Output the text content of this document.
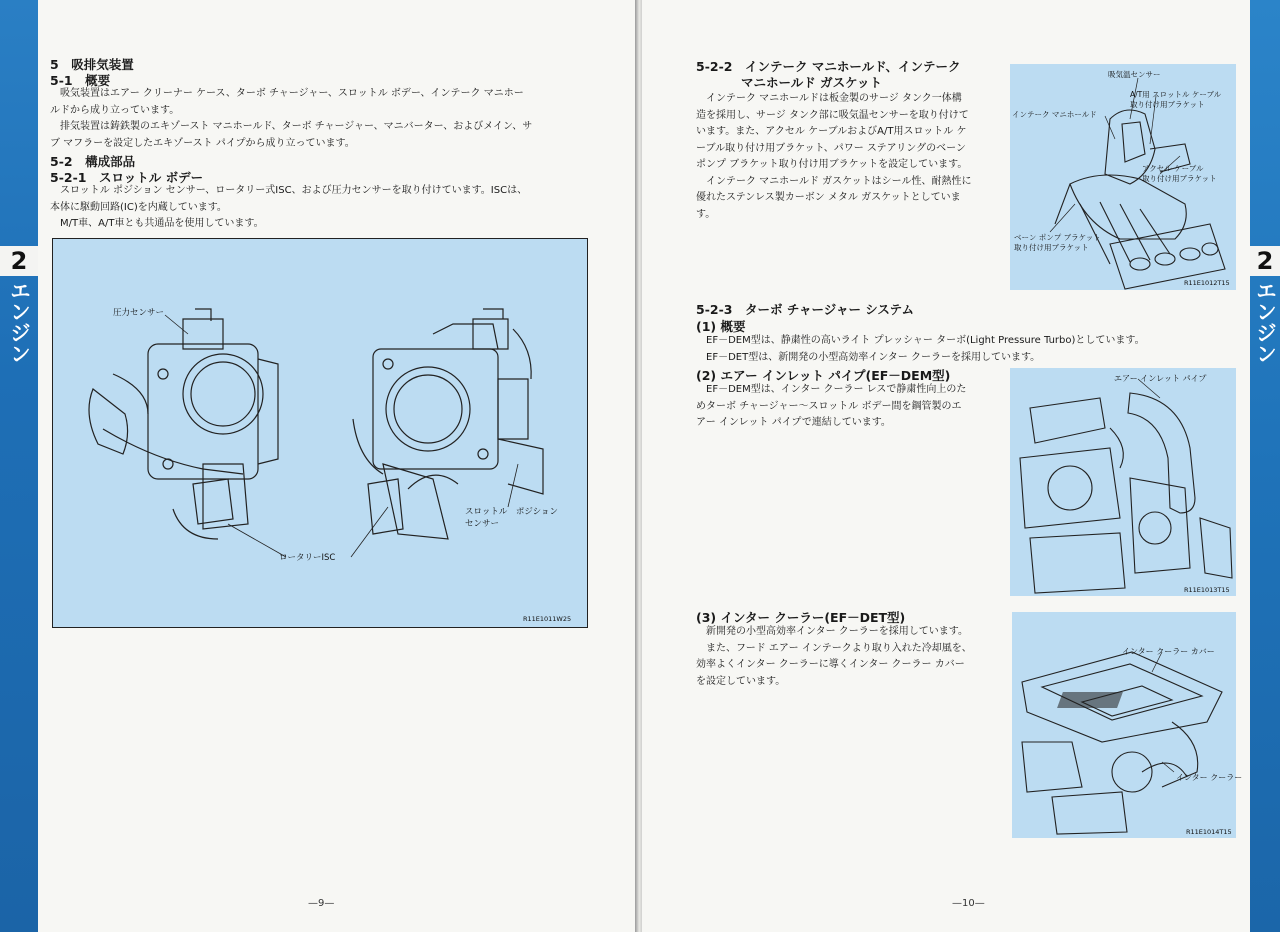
2
エンジン
5　吸排気装置
5-1　概要
吸気装置はエアー クリーナー ケース、ターボ チャージャー、スロットル ボデー、インテーク マニホー
ルドから成り立っています。
排気装置は鋳鉄製のエキゾースト マニホールド、ターボ チャージャー、マニバーター、およびメイン、サ
ブ マフラーを設定したエキゾースト パイプから成り立っています。
5-2　構成部品
5-2-1　スロットル ボデー
スロットル ポジション センサー、ロータリー式ISC、および圧力センサーを取り付けています。ISCは、
本体に駆動回路(IC)を内蔵しています。
M/T車、A/T車とも共通品を使用しています。
圧力センサー
ロータリーISC
スロットル　ポジション
センサー
R11E1011W25
—9—
5-2-2　インテーク マニホールド、インテーク
マニホールド ガスケット
インテーク マニホールドは板金製のサージ タンク一体構
造を採用し、サージ タンク部に吸気温センサーを取り付けて
います。また、アクセル ケーブルおよびA/T用スロットル ケ
ーブル取り付け用ブラケット、パワー ステアリングのベーン
ポンプ ブラケット取り付け用ブラケットを設定しています。
インテーク マニホールド ガスケットはシール性、耐熱性に
優れたステンレス製カーボン メタル ガスケットとしていま
す。
吸気温センサー
A/T用 スロットル ケーブル
取り付け用ブラケット
インテーク マニホールド
アクセル ケーブル
取り付け用ブラケット
ベーン ポンプ ブラケット
取り付け用ブラケット
R11E1012T15
5-2-3　ターボ チャージャー システム
(1) 概要
EF－DEM型は、静粛性の高いライト プレッシャー ターボ(Light Pressure Turbo)としています。
EF－DET型は、新開発の小型高効率インター クーラーを採用しています。
(2) エアー インレット パイプ(EF－DEM型)
EF－DEM型は、インター クーラー レスで静粛性向上のた
めターボ チャージャー～スロットル ボデー間を鋼管製のエ
アー インレット パイプで連結しています。
エアー インレット パイプ
R11E1013T15
(3) インター クーラー(EF－DET型)
新開発の小型高効率インター クーラーを採用しています。
また、フード エアー インテークより取り入れた冷却風を、
効率よくインター クーラーに導くインター クーラー カバー
を設定しています。
インター クーラー カバー
インター クーラー
R11E1014T15
—10—
2
エンジン
